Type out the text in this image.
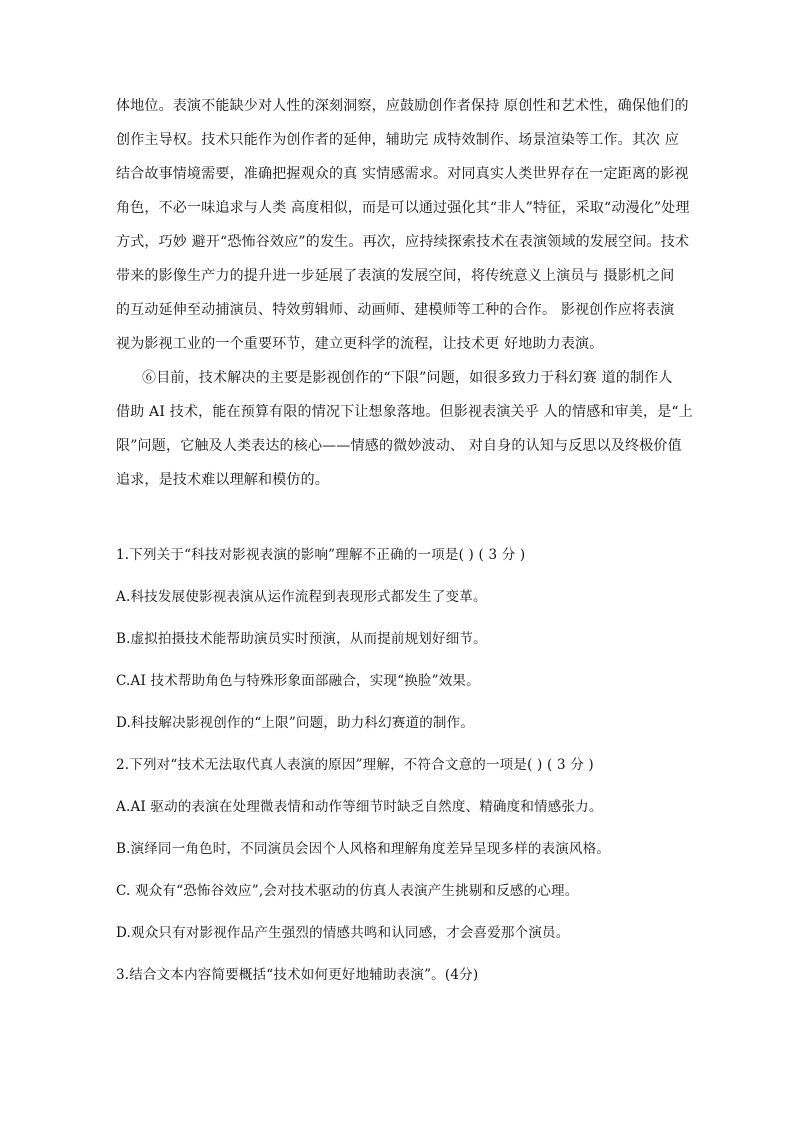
体地位。表演不能缺少对人性的深刻洞察，应鼓励创作者保持 原创性和艺术性，确保他们的
创作主导权。技术只能作为创作者的延伸，辅助完 成特效制作、场景渲染等工作。其次 应
结合故事情境需要，准确把握观众的真 实情感需求。对同真实人类世界存在一定距离的影视
角色，不必一味追求与人类 高度相似，而是可以通过强化其“非人”特征，采取“动漫化”处理
方式，巧妙 避开“恐怖谷效应”的发生。再次，应持续探索技术在表演领域的发展空间。技术
带来的影像生产力的提升进一步延展了表演的发展空间，将传统意义上演员与 摄影机之间
的互动延伸至动捕演员、特效剪辑师、动画师、建模师等工种的合作。 影视创作应将表演
视为影视工业的一个重要环节，建立更科学的流程，让技术更 好地助力表演。
⑥目前，技术解决的主要是影视创作的“下限”问题，如很多致力于科幻赛 道的制作人
借助 AI 技术，能在预算有限的情况下让想象落地。但影视表演关乎 人的情感和审美，是“上
限”问题，它触及人类表达的核心——情感的微妙波动、 对自身的认知与反思以及终极价值
追求，是技术难以理解和模仿的。
1.下列关于“科技对影视表演的影响”理解不正确的一项是( ) ( 3 分 )
A.科技发展使影视表演从运作流程到表现形式都发生了变革。
B.虚拟拍摄技术能帮助演员实时预演，从而提前规划好细节。
C.AI 技术帮助角色与特殊形象面部融合，实现“换脸”效果。
D.科技解决影视创作的“上限”问题，助力科幻赛道的制作。
2.下列对“技术无法取代真人表演的原因”理解，不符合文意的一项是( ) ( 3 分 )
A.AI 驱动的表演在处理微表情和动作等细节时缺乏自然度、精确度和情感张力。
B.演绎同一角色时，不同演员会因个人风格和理解角度差异呈现多样的表演风格。
C. 观众有“恐怖谷效应”,会对技术驱动的仿真人表演产生挑剔和反感的心理。
D.观众只有对影视作品产生强烈的情感共鸣和认同感，才会喜爱那个演员。
3.结合文本内容简要概括“技术如何更好地辅助表演”。(4分)
